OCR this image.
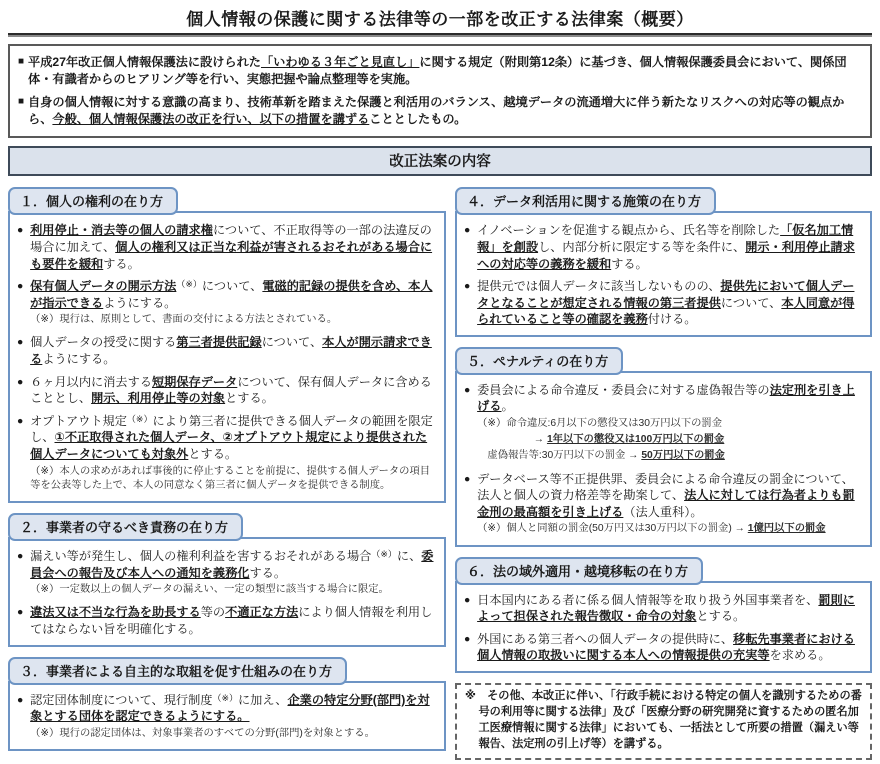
個人情報の保護に関する法律等の一部を改正する法律案（概要）
■ 平成27年改正個人情報保護法に設けられた「いわゆる３年ごと見直し」に関する規定（附則第12条）に基づき、個人情報保護委員会において、関係団体・有識者からのヒアリング等を行い、実態把握や論点整理等を実施。
■ 自身の個人情報に対する意識の高まり、技術革新を踏まえた保護と利活用のバランス、越境データの流通増大に伴う新たなリスクへの対応等の観点から、今般、個人情報保護法の改正を行い、以下の措置を講ずることとしたもの。
改正法案の内容
１．個人の権利の在り方
● 利用停止・消去等の個人の請求権について、不正取得等の一部の法違反の場合に加えて、個人の権利又は正当な利益が害されるおそれがある場合にも要件を緩和する。
● 保有個人データの開示方法（※）について、電磁的記録の提供を含め、本人が指示できるようにする。
（※）現行は、原則として、書面の交付による方法とされている。
● 個人データの授受に関する第三者提供記録について、本人が開示請求できるようにする。
● ６ヶ月以内に消去する短期保存データについて、保有個人データに含めることとし、開示、利用停止等の対象とする。
● オプトアウト規定（※）により第三者に提供できる個人データの範囲を限定し、①不正取得された個人データ、②オプトアウト規定により提供された個人データについても対象外とする。
（※）本人の求めがあれば事後的に停止することを前提に、提供する個人データの項目等を公表等した上で、本人の同意なく第三者に個人データを提供できる制度。
２．事業者の守るべき責務の在り方
● 漏えい等が発生し、個人の権利利益を害するおそれがある場合（※）に、委員会への報告及び本人への通知を義務化する。
（※）一定数以上の個人データの漏えい、一定の類型に該当する場合に限定。
● 違法又は不当な行為を助長する等の不適正な方法により個人情報を利用してはならない旨を明確化する。
３．事業者による自主的な取組を促す仕組みの在り方
● 認定団体制度について、現行制度（※）に加え、企業の特定分野(部門)を対象とする団体を認定できるようにする。
（※）現行の認定団体は、対象事業者のすべての分野(部門)を対象とする。
４．データ利活用に関する施策の在り方
● イノベーションを促進する観点から、氏名等を削除した「仮名加工情報」を創設し、内部分析に限定する等を条件に、開示・利用停止請求への対応等の義務を緩和する。
● 提供元では個人データに該当しないものの、提供先において個人データとなることが想定される情報の第三者提供について、本人同意が得られていること等の確認を義務付ける。
５．ペナルティの在り方
● 委員会による命令違反・委員会に対する虚偽報告等の法定刑を引き上げる。
（※）命令違反:6月以下の懲役又は30万円以下の罰金
→ 1年以下の懲役又は100万円以下の罰金
虚偽報告等:30万円以下の罰金 → 50万円以下の罰金
● データベース等不正提供罪、委員会による命令違反の罰金について、法人と個人の資力格差等を勘案して、法人に対しては行為者よりも罰金刑の最高額を引き上げる（法人重科）。
（※）個人と同額の罰金(50万円又は30万円以下の罰金) → 1億円以下の罰金
６．法の域外適用・越境移転の在り方
● 日本国内にある者に係る個人情報等を取り扱う外国事業者を、罰則によって担保された報告徴収・命令の対象とする。
● 外国にある第三者への個人データの提供時に、移転先事業者における個人情報の取扱いに関する本人への情報提供の充実等を求める。

※　その他、本改正に伴い、「行政手続における特定の個人を識別するための番号の利用等に関する法律」及び「医療分野の研究開発に資するための匿名加工医療情報に関する法律」においても、一括法として所要の措置（漏えい等報告、法定刑の引上げ等）を講ずる。
